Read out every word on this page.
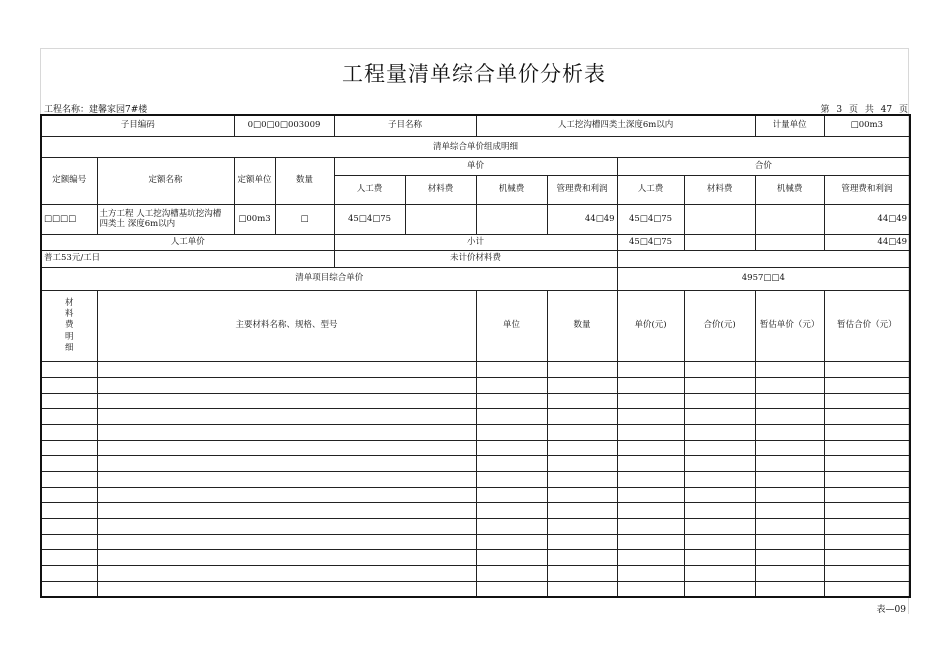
工程量清单综合单价分析表
工程名称：建馨家园7#楼	第 3 页 共 47 页
子目编码		0□0□0□003009		子目名称		人工挖沟槽四类土深度6m以内				计量单位	□00m3
清单综合单价组成明细											
定额编号	定额名称	定额单位	数量	单价				合价			
				人工费	材料费	机械费	管理费和利润	人工费	材料费	机械费	管理费和利润
□□□□	土方工程 人工挖沟槽基坑挖沟槽 四类土 深度6m以内	□00m3	□	45□4□75			44□49	45□4□75			44□49
人工单价				小计				45□4□75			44□49
普工53元/工日				未计价材料费							
清单项目综合单价								4957□□4			
材料费明细	主要材料名称、规格、型号					单位	数量	单价(元)	合价(元)	暂估单价（元）	暂估合价（元）

表—09
